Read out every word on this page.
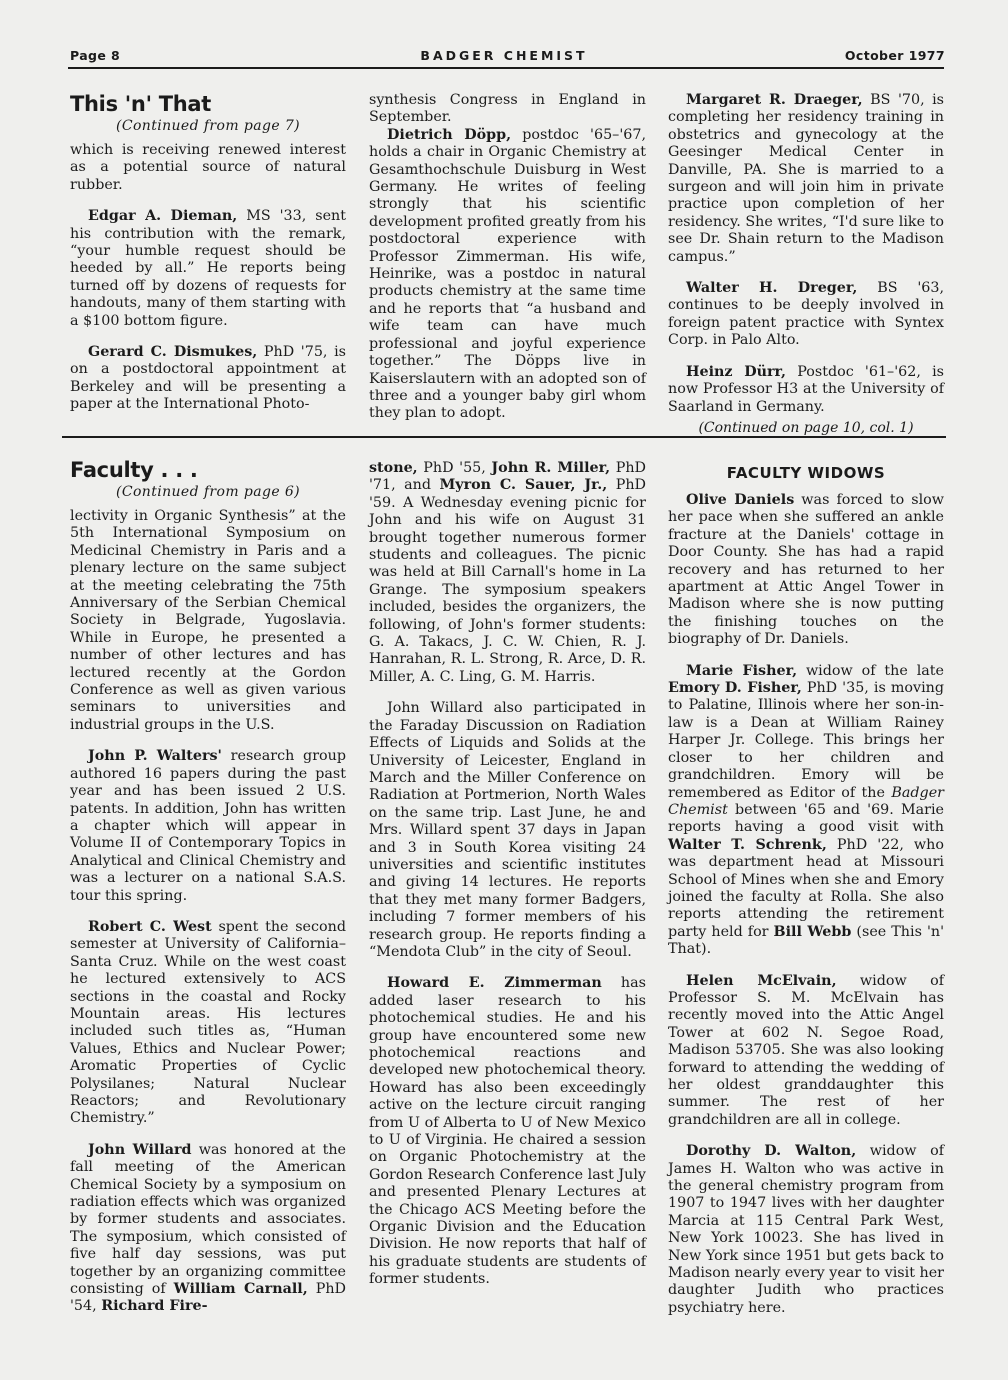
Page 8	BADGER CHEMIST	October 1977
This 'n' That
(Continued from page 7)

which is receiving renewed interest as a potential source of natural rubber.

Edgar A. Dieman, MS '33, sent his contribution with the remark, “your humble request should be heeded by all.” He reports being turned off by dozens of requests for handouts, many of them starting with a $100 bottom figure.

Gerard C. Dismukes, PhD '75, is on a postdoctoral appointment at Berkeley and will be presenting a paper at the International Photo-

synthesis Congress in England in September.

Dietrich Döpp, postdoc '65–'67, holds a chair in Organic Chemistry at Gesamthochschule Duisburg in West Germany. He writes of feeling strongly that his scientific development profited greatly from his postdoctoral experience with Professor Zimmerman. His wife, Heinrike, was a postdoc in natural products chemistry at the same time and he reports that “a husband and wife team can have much professional and joyful experience together.” The Döpps live in Kaiserslautern with an adopted son of three and a younger baby girl whom they plan to adopt.

Margaret R. Draeger, BS '70, is completing her residency training in obstetrics and gynecology at the Geesinger Medical Center in Danville, PA. She is married to a surgeon and will join him in private practice upon completion of her residency. She writes, “I'd sure like to see Dr. Shain return to the Madison campus.”

Walter H. Dreger, BS '63, continues to be deeply involved in foreign patent practice with Syntex Corp. in Palo Alto.

Heinz Dürr, Postdoc '61–'62, is now Professor H3 at the University of Saarland in Germany.

(Continued on page 10, col. 1)
Faculty . . .
(Continued from page 6)

lectivity in Organic Synthesis” at the 5th International Symposium on Medicinal Chemistry in Paris and a plenary lecture on the same subject at the meeting celebrating the 75th Anniversary of the Serbian Chemical Society in Belgrade, Yugoslavia. While in Europe, he presented a number of other lectures and has lectured recently at the Gordon Conference as well as given various seminars to universities and industrial groups in the U.S.

John P. Walters' research group authored 16 papers during the past year and has been issued 2 U.S. patents. In addition, John has written a chapter which will appear in Volume II of Contemporary Topics in Analytical and Clinical Chemistry and was a lecturer on a national S.A.S. tour this spring.

Robert C. West spent the second semester at University of California–Santa Cruz. While on the west coast he lectured extensively to ACS sections in the coastal and Rocky Mountain areas. His lectures included such titles as, “Human Values, Ethics and Nuclear Power; Aromatic Properties of Cyclic Polysilanes; Natural Nuclear Reactors; and Revolutionary Chemistry.”

John Willard was honored at the fall meeting of the American Chemical Society by a symposium on radiation effects which was organized by former students and associates. The symposium, which consisted of five half day sessions, was put together by an organizing committee consisting of William Carnall, PhD '54, Richard Fire-

stone, PhD '55, John R. Miller, PhD '71, and Myron C. Sauer, Jr., PhD '59. A Wednesday evening picnic for John and his wife on August 31 brought together numerous former students and colleagues. The picnic was held at Bill Carnall's home in La Grange. The symposium speakers included, besides the organizers, the following, of John's former students: G. A. Takacs, J. C. W. Chien, R. J. Hanrahan, R. L. Strong, R. Arce, D. R. Miller, A. C. Ling, G. M. Harris.

John Willard also participated in the Faraday Discussion on Radiation Effects of Liquids and Solids at the University of Leicester, England in March and the Miller Conference on Radiation at Portmerion, North Wales on the same trip. Last June, he and Mrs. Willard spent 37 days in Japan and 3 in South Korea visiting 24 universities and scientific institutes and giving 14 lectures. He reports that they met many former Badgers, including 7 former members of his research group. He reports finding a “Mendota Club” in the city of Seoul.

Howard E. Zimmerman has added laser research to his photochemical studies. He and his group have encountered some new photochemical reactions and developed new photochemical theory. Howard has also been exceedingly active on the lecture circuit ranging from U of Alberta to U of New Mexico to U of Virginia. He chaired a session on Organic Photochemistry at the Gordon Research Conference last July and presented Plenary Lectures at the Chicago ACS Meeting before the Organic Division and the Education Division. He now reports that half of his graduate students are students of former students.

FACULTY WIDOWS

Olive Daniels was forced to slow her pace when she suffered an ankle fracture at the Daniels' cottage in Door County. She has had a rapid recovery and has returned to her apartment at Attic Angel Tower in Madison where she is now putting the finishing touches on the biography of Dr. Daniels.

Marie Fisher, widow of the late Emory D. Fisher, PhD '35, is moving to Palatine, Illinois where her son-in-law is a Dean at William Rainey Harper Jr. College. This brings her closer to her children and grandchildren. Emory will be remembered as Editor of the Badger Chemist between '65 and '69. Marie reports having a good visit with Walter T. Schrenk, PhD '22, who was department head at Missouri School of Mines when she and Emory joined the faculty at Rolla. She also reports attending the retirement party held for Bill Webb (see This 'n' That).

Helen McElvain, widow of Professor S. M. McElvain has recently moved into the Attic Angel Tower at 602 N. Segoe Road, Madison 53705. She was also looking forward to attending the wedding of her oldest granddaughter this summer. The rest of her grandchildren are all in college.

Dorothy D. Walton, widow of James H. Walton who was active in the general chemistry program from 1907 to 1947 lives with her daughter Marcia at 115 Central Park West, New York 10023. She has lived in New York since 1951 but gets back to Madison nearly every year to visit her daughter Judith who practices psychiatry here.
